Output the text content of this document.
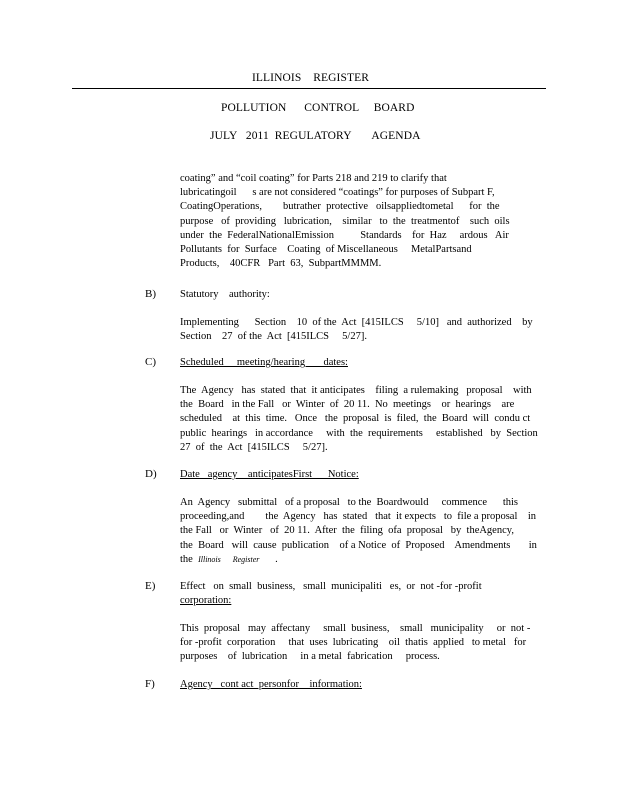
ILLINOIS    REGISTER
POLLUTION      CONTROL     BOARD
JULY   2011  REGULATORY       AGENDA
coating” and “coil coating” for Parts 218 and 219 to clarify that
lubricatingoil      s are not considered “coatings” for purposes of Subpart F,
CoatingOperations,        butrather  protective   oilsappliedtometal      for  the
purpose   of  providing   lubrication,    similar   to  the  treatmentof    such  oils
under  the  FederalNationalEmission          Standards    for  Haz     ardous   Air
Pollutants  for  Surface    Coating  of Miscellaneous     MetalPartsand
Products,    40CFR   Part  63,  SubpartMMMM.
B) Statutory    authority:
Implementing      Section    10  of the  Act  [415ILCS     5/10]   and  authorized    by
Section    27  of the  Act  [415ILCS     5/27].
C) Scheduled     meeting/hearing       dates:
The  Agency   has  stated  that  it anticipates    filing  a rulemaking   proposal    with
the  Board   in the Fall   or  Winter  of  20 11.  No  meetings    or  hearings    are
scheduled    at  this  time.   Once   the  proposal  is  filed,  the  Board  will  condu ct
public  hearings   in accordance     with  the  requirements     established   by  Section
27  of  the  Act  [415ILCS     5/27].
D) Date   agency    anticipatesFirst      Notice:
An  Agency   submittal   of a proposal   to the  Boardwould     commence      this
proceeding,and        the  Agency   has  stated   that  it expects   to  file a proposal    in
the Fall   or  Winter   of  20 11.  After  the  filing  ofa  proposal   by  theAgency,
the  Board   will  cause  publication    of a Notice  of  Proposed    Amendments       in
the  Illinois      Register      .
E) Effect   on  small  business,   small  municipaliti   es,  or  not -for -profit
corporation:
This  proposal   may  affectany     small  business,    small   municipality     or  not -
for -profit  corporation     that  uses  lubricating    oil  thatis  applied   to metal   for
purposes    of  lubrication     in a metal  fabrication     process.
F) Agency   cont act  personfor    information:
